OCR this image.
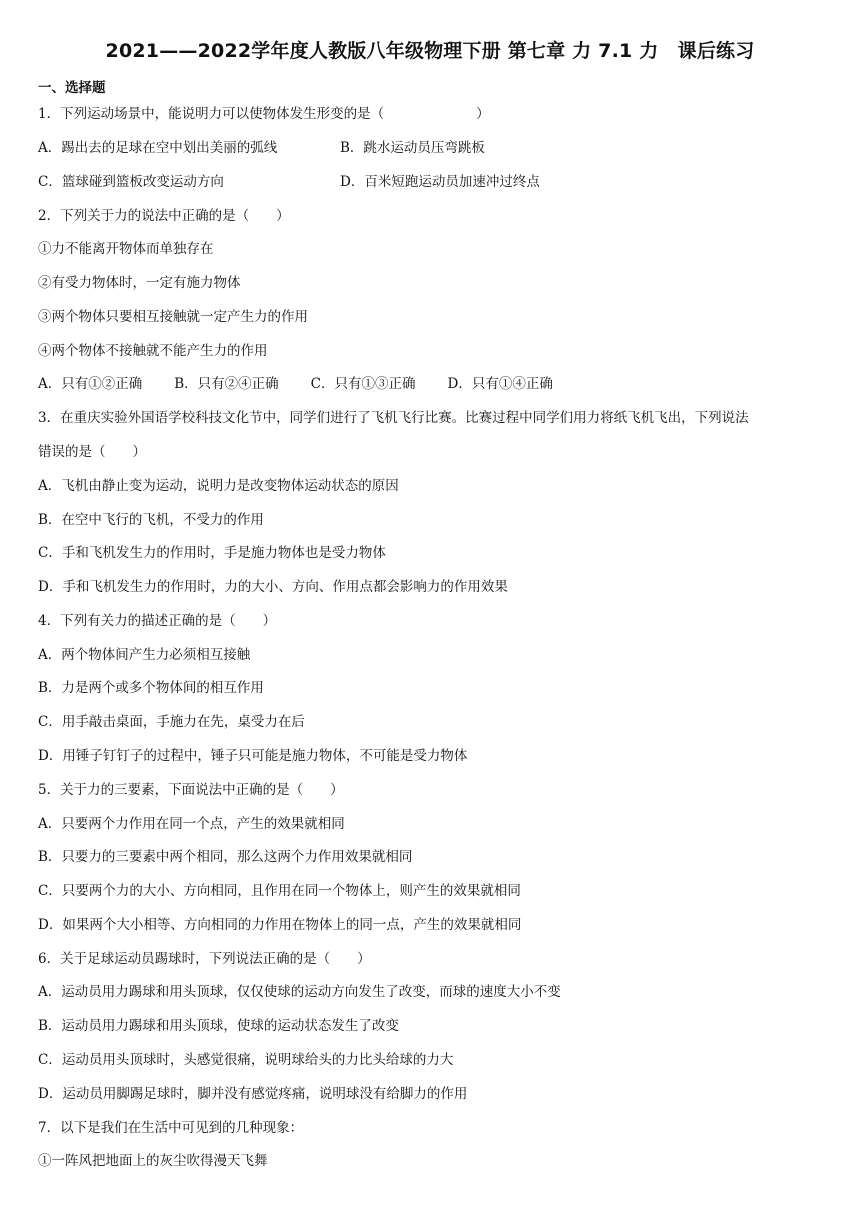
2021——2022学年度人教版八年级物理下册 第七章 力 7.1 力　课后练习
一、选择题
1．下列运动场景中，能说明力可以使物体发生形变的是（	）
A．踢出去的足球在空中划出美丽的弧线	B．跳水运动员压弯跳板
C．篮球碰到篮板改变运动方向	D．百米短跑运动员加速冲过终点
2．下列关于力的说法中正确的是（　　）
①力不能离开物体而单独存在
②有受力物体时，一定有施力物体
③两个物体只要相互接触就一定产生力的作用
④两个物体不接触就不能产生力的作用
A．只有①②正确 B．只有②④正确 C．只有①③正确 D．只有①④正确
3．在重庆实验外国语学校科技文化节中，同学们进行了飞机飞行比赛。比赛过程中同学们用力将纸飞机飞出，下列说法
错误的是（　　）
A．飞机由静止变为运动，说明力是改变物体运动状态的原因
B．在空中飞行的飞机，不受力的作用
C．手和飞机发生力的作用时，手是施力物体也是受力物体
D．手和飞机发生力的作用时，力的大小、方向、作用点都会影响力的作用效果
4．下列有关力的描述正确的是（　　）
A．两个物体间产生力必须相互接触
B．力是两个或多个物体间的相互作用
C．用手敲击桌面，手施力在先，桌受力在后
D．用锤子钉钉子的过程中，锤子只可能是施力物体，不可能是受力物体
5．关于力的三要素，下面说法中正确的是（　　）
A．只要两个力作用在同一个点，产生的效果就相同
B．只要力的三要素中两个相同，那么这两个力作用效果就相同
C．只要两个力的大小、方向相同，且作用在同一个物体上，则产生的效果就相同
D．如果两个大小相等、方向相同的力作用在物体上的同一点，产生的效果就相同
6．关于足球运动员踢球时，下列说法正确的是（　　）
A．运动员用力踢球和用头顶球，仅仅使球的运动方向发生了改变，而球的速度大小不变
B．运动员用力踢球和用头顶球，使球的运动状态发生了改变
C．运动员用头顶球时，头感觉很痛，说明球给头的力比头给球的力大
D．运动员用脚踢足球时，脚并没有感觉疼痛，说明球没有给脚力的作用
7．以下是我们在生活中可见到的几种现象：
①一阵风把地面上的灰尘吹得漫天飞舞
